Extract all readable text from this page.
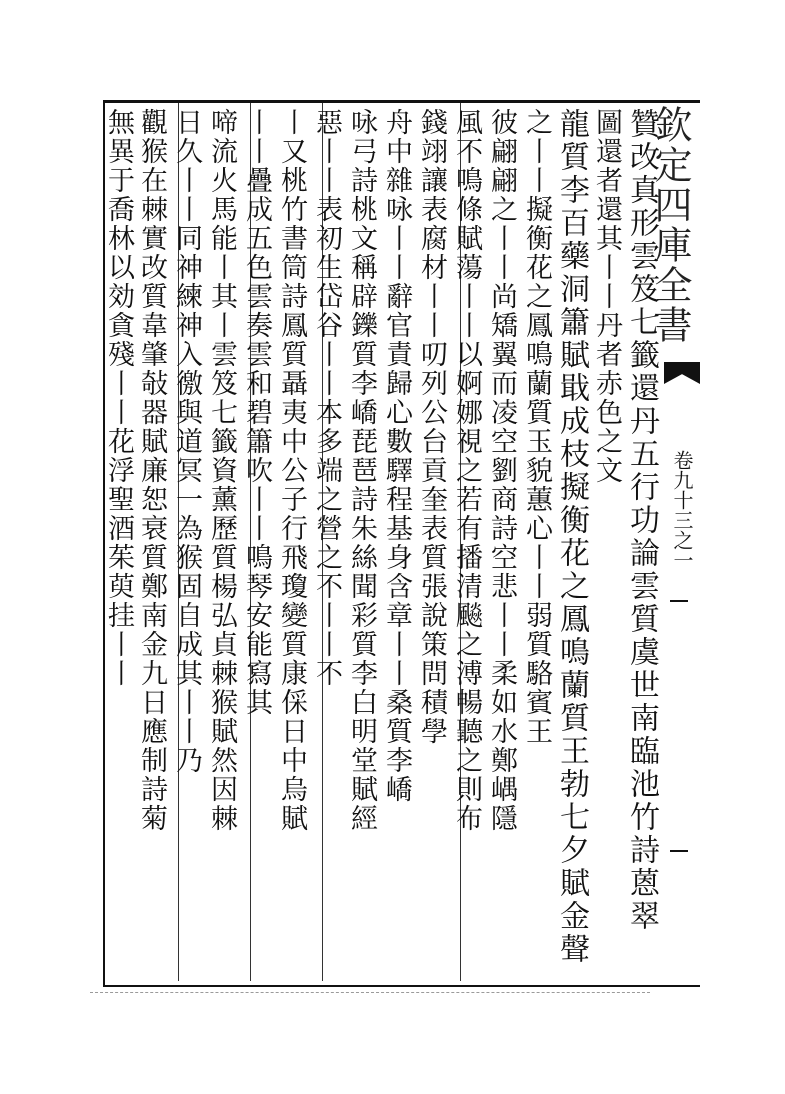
欽定四庫全書
卷九十三之一
贊改真形雲笈七籤還丹五行功論雲質虞世南臨池竹詩蒽翠
圖還者還其丨丨丹者赤色之文
龍質李百藥洞簫賦戢成枝擬衡花之鳳鳴蘭質王勃七夕賦金聲
之丨丨擬衡花之鳳鳴蘭質玉貌蕙心丨丨弱質駱賓王
彼翩翩之丨丨尚矯翼而凌空劉商詩空悲丨丨柔如水鄭嵎隱
風不鳴條賦蕩丨丨以婀娜視之若有播清飈之溥暢聽之則布
錢翊讓表腐材丨丨叨列公台貢奎表質張說策問積學
舟中雜咏丨丨辭官責歸心數驛程基身含章丨丨桑質李嶠
咏弓詩桃文稱辟鑠質李嶠琵琶詩朱絲聞彩質李白明堂賦經
惡丨丨表初生岱谷丨丨本多端之營之不丨丨不
丨又桃竹書筒詩鳳質聶夷中公子行飛瓊變質康倸日中烏賦
丨丨疊成五色雲奏雲和碧簫吹丨丨鳴琴安能寫其
啼流火馬能丨其丨雲笈七籤資薰歷質楊弘貞棘猴賦然因棘
日久丨丨同神練神入徼與道冥一為猴固自成其丨丨乃
觀猴在棘實改質韋肇敧器賦廉恕衰質鄭南金九日應制詩菊
無異于喬林以効貪殘丨丨花浮聖酒茱萸挂丨丨
